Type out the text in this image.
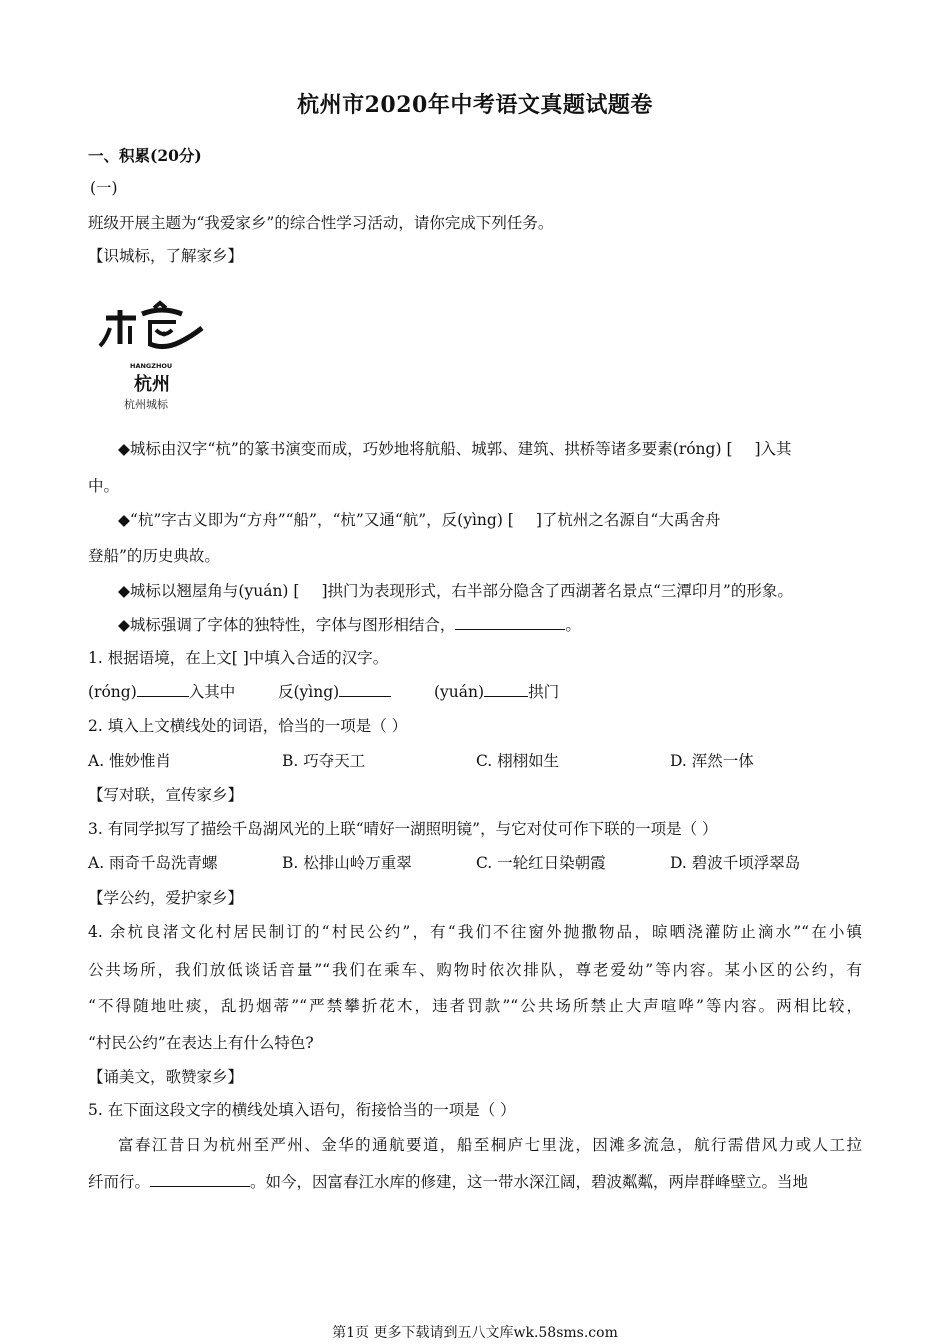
杭州市2020年中考语文真题试题卷
一、积累(20分)
(一)
班级开展主题为“我爱家乡”的综合性学习活动，请你完成下列任务。
【识城标，了解家乡】
HANGZHOU
杭州
杭州城标
◆城标由汉字“杭”的篆书演变而成，巧妙地将航船、城郭、建筑、拱桥等诸多要素(róng) [ ]入其
中。
◆“杭”字古义即为“方舟”“船”，“杭”又通“航”，反(yìng) [ ]了杭州之名源自“大禹舍舟
登船”的历史典故。
◆城标以翘屋角与(yuán) [ ]拱门为表现形式，右半部分隐含了西湖著名景点“三潭印月”的形象。
◆城标强调了字体的独特性，字体与图形相结合，	。
1. 根据语境，在上文[ ]中填入合适的汉字。
(róng)	入其中	反(yìng)	(yuán)	拱门
2. 填入上文横线处的词语，恰当的一项是（ ）
A. 惟妙惟肖	B. 巧夺天工	C. 栩栩如生	D. 浑然一体
【写对联，宣传家乡】
3. 有同学拟写了描绘千岛湖风光的上联“晴好一湖照明镜”，与它对仗可作下联的一项是（ ）
A. 雨奇千岛洗青螺	B. 松排山岭万重翠	C. 一轮红日染朝霞	D. 碧波千顷浮翠岛
【学公约，爱护家乡】
4. 余杭良渚文化村居民制订的“村民公约”，有“我们不往窗外抛撒物品，晾晒浇灌防止滴水”“在小镇
公共场所，我们放低谈话音量”“我们在乘车、购物时依次排队，尊老爱幼”等内容。某小区的公约，有
“不得随地吐痰，乱扔烟蒂”“严禁攀折花木，违者罚款”“公共场所禁止大声喧哗”等内容。两相比较，
“村民公约”在表达上有什么特色?
【诵美文，歌赞家乡】
5. 在下面这段文字的横线处填入语句，衔接恰当的一项是（ ）
富春江昔日为杭州至严州、金华的通航要道，船至桐庐七里泷，因滩多流急，航行需借风力或人工拉
纤而行。	。如今，因富春江水库的修建，这一带水深江阔，碧波粼粼，两岸群峰壁立。当地
第1页 更多下载请到五八文库wk.58sms.com
